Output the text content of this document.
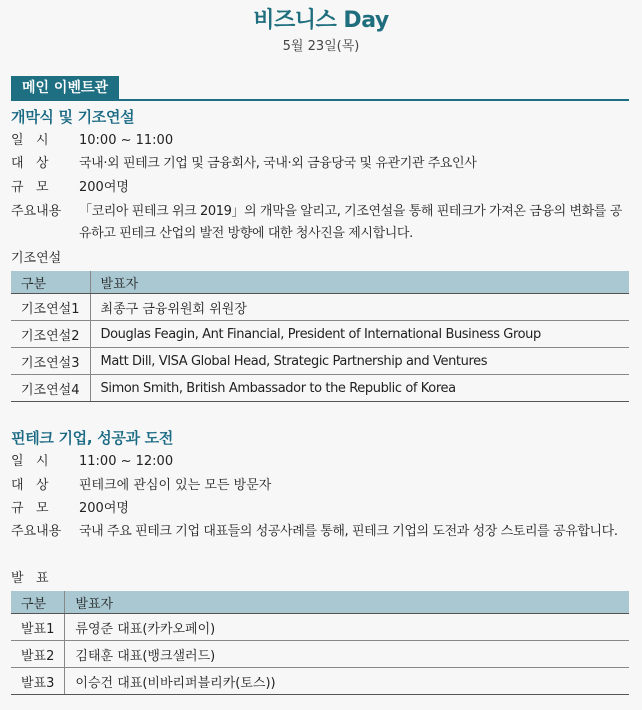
비즈니스 Day
5월 23일(목)
메인 이벤트관
개막식 및 기조연설
일   시 10:00 ~ 11:00
대   상 국내·외 핀테크 기업 및 금융회사, 국내·외 금융당국 및 유관기관 주요인사
규   모 200여명
주요내용 「코리아 핀테크 위크 2019」의 개막을 알리고, 기조연설을 통해 핀테크가 가져온 금융의 변화를 공유하고 핀테크 산업의 발전 방향에 대한 청사진을 제시합니다.
기조연설
구분	발표자
기조연설1	최종구 금융위원회 위원장
기조연설2	Douglas Feagin, Ant Financial, President of International Business Group
기조연설3	Matt Dill, VISA Global Head, Strategic Partnership and Ventures
기조연설4	Simon Smith, British Ambassador to the Republic of Korea
핀테크 기업, 성공과 도전
일   시 11:00 ~ 12:00
대   상 핀테크에 관심이 있는 모든 방문자
규   모 200여명
주요내용 국내 주요 핀테크 기업 대표들의 성공사례를 통해, 핀테크 기업의 도전과 성장 스토리를 공유합니다.
발   표
구분	발표자
발표1	류영준 대표(카카오페이)
발표2	김태훈 대표(뱅크샐러드)
발표3	이승건 대표(비바리퍼블리카(토스))
